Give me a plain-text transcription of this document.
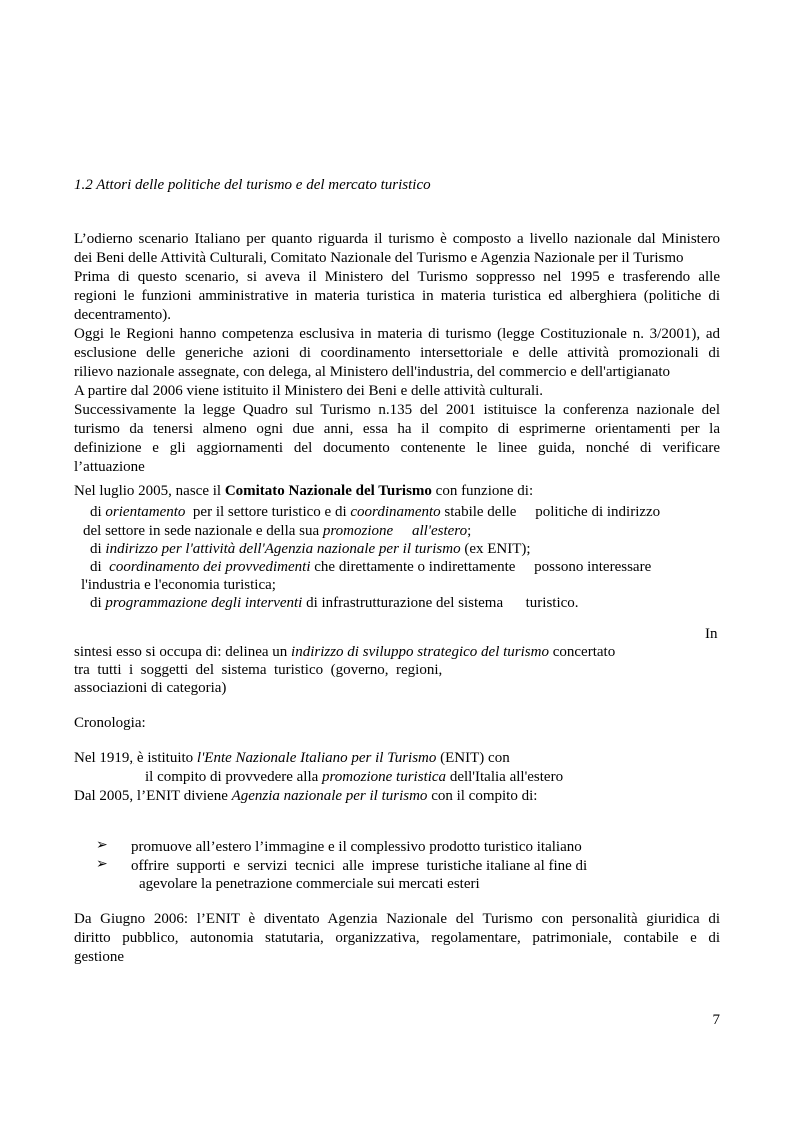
1.2 Attori delle politiche del turismo e del mercato turistico
L’odierno scenario Italiano per quanto riguarda il turismo è composto a livello nazionale dal Ministero
dei Beni delle Attività Culturali, Comitato Nazionale del Turismo e Agenzia Nazionale per il Turismo
Prima di questo scenario, si aveva il Ministero del Turismo soppresso nel 1995 e trasferendo alle
regioni le funzioni amministrative in materia turistica in materia turistica ed alberghiera (politiche di
decentramento).
Oggi le Regioni hanno competenza esclusiva in materia di turismo (legge Costituzionale n. 3/2001), ad
esclusione delle generiche azioni di coordinamento intersettoriale e delle attività promozionali di
rilievo nazionale assegnate, con delega, al Ministero dell'industria, del commercio e dell'artigianato
A partire dal 2006 viene istituito il Ministero dei Beni e delle attività culturali.
Successivamente la legge Quadro sul Turismo n.135 del 2001 istituisce la conferenza nazionale del
turismo da tenersi almeno ogni due anni, essa ha il compito di esprimerne orientamenti per la
definizione e gli aggiornamenti del documento contenente le linee guida, nonché di verificare
l’attuazione
Nel luglio 2005, nasce il Comitato Nazionale del Turismo con funzione di:
di orientamento  per il settore turistico e di coordinamento stabile delle     politiche di indirizzo
del settore in sede nazionale e della sua promozione all'estero;
di indirizzo per l'attività dell'Agenzia nazionale per il turismo (ex ENIT);
di  coordinamento dei provvedimenti che direttamente o indirettamente     possono interessare
l'industria e l'economia turistica;
di programmazione degli interventi di infrastrutturazione del sistema      turistico.
In
sintesi esso si occupa di: delinea un indirizzo di sviluppo strategico del turismo concertato
tra  tutti  i  soggetti  del  sistema  turistico  (governo,  regioni,
associazioni di categoria)
Cronologia:
Nel 1919, è istituito l'Ente Nazionale Italiano per il Turismo (ENIT) con
il compito di provvedere alla promozione turistica dell'Italia all'estero
Dal 2005, l’ENIT diviene Agenzia nazionale per il turismo con il compito di:
➢ promuove all’estero l’immagine e il complessivo prodotto turistico italiano
➢ offrire  supporti  e  servizi  tecnici  alle  imprese  turistiche italiane al fine di
agevolare la penetrazione commerciale sui mercati esteri
Da Giugno 2006: l’ENIT è diventato Agenzia Nazionale del Turismo con personalità giuridica di
diritto pubblico, autonomia statutaria, organizzativa, regolamentare, patrimoniale, contabile e di
gestione
7
